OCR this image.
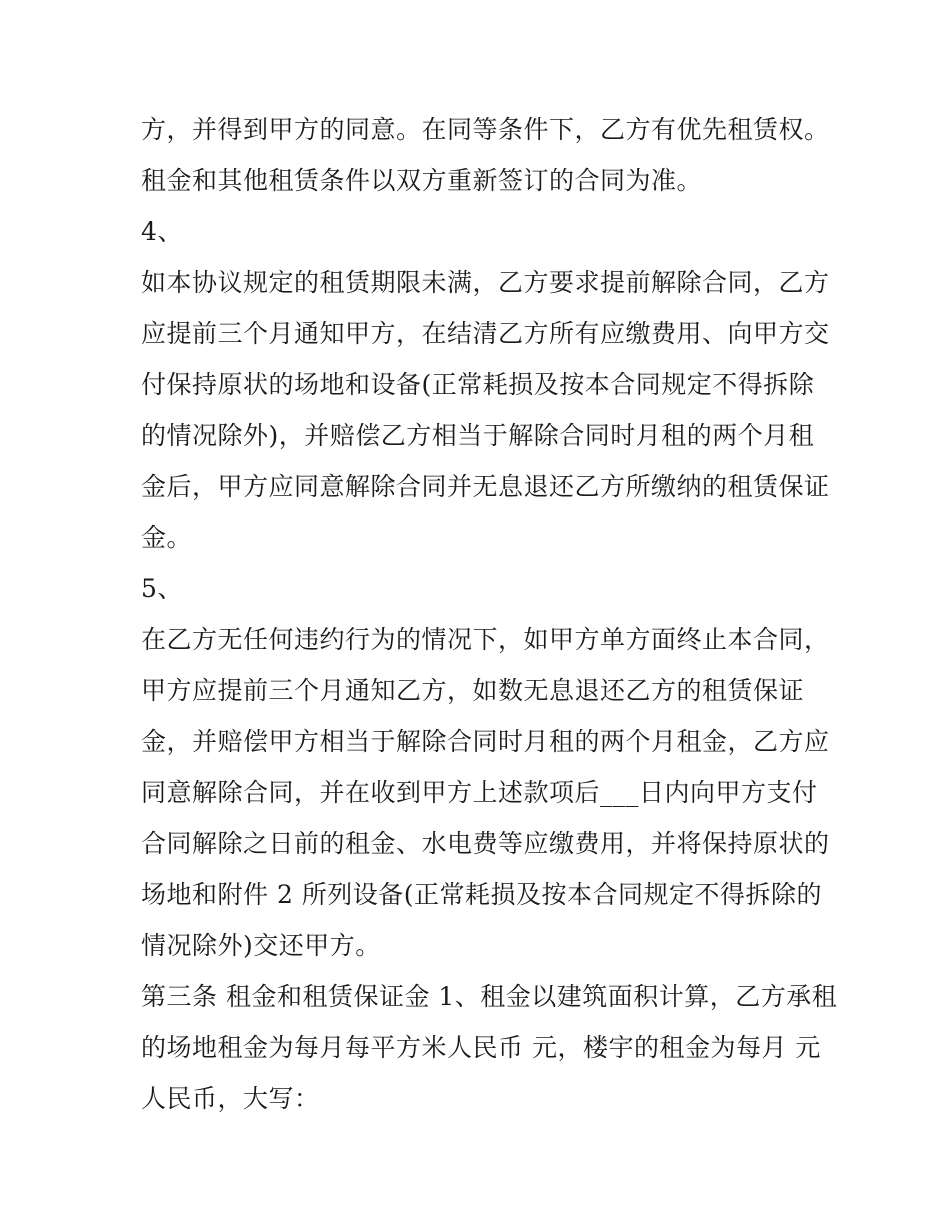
方，并得到甲方的同意。在同等条件下，乙方有优先租赁权。
租金和其他租赁条件以双方重新签订的合同为准。
4、
如本协议规定的租赁期限未满，乙方要求提前解除合同，乙方
应提前三个月通知甲方，在结清乙方所有应缴费用、向甲方交
付保持原状的场地和设备(正常耗损及按本合同规定不得拆除
的情况除外)，并赔偿乙方相当于解除合同时月租的两个月租
金后，甲方应同意解除合同并无息退还乙方所缴纳的租赁保证
金。
5、
在乙方无任何违约行为的情况下，如甲方单方面终止本合同，
甲方应提前三个月通知乙方，如数无息退还乙方的租赁保证
金，并赔偿甲方相当于解除合同时月租的两个月租金，乙方应
同意解除合同，并在收到甲方上述款项后___日内向甲方支付
合同解除之日前的租金、水电费等应缴费用，并将保持原状的
场地和附件 2 所列设备(正常耗损及按本合同规定不得拆除的
情况除外)交还甲方。
第三条 租金和租赁保证金 1、租金以建筑面积计算，乙方承租
的场地租金为每月每平方米人民币 元，楼宇的租金为每月 元
人民币，大写：
